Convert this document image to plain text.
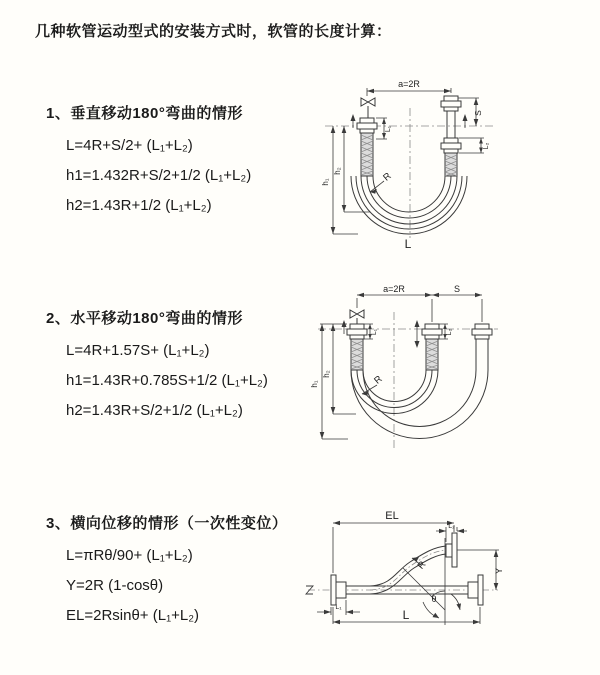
几种软管运动型式的安装方式时，软管的长度计算：
1、垂直移动180°弯曲的情形
L=4R+S/2+ (L₁+L₂)
h1=1.432R+S/2+1/2 (L₁+L₂)
h2=1.43R+1/2 (L₁+L₂)
2、水平移动180°弯曲的情形
L=4R+1.57S+ (L₁+L₂)
h1=1.43R+0.785S+1/2 (L₁+L₂)
h2=1.43R+S/2+1/2 (L₁+L₂)
3、横向位移的情形（一次性变位）
L=πRθ/90+ (L₁+L₂)
Y=2R (1-cosθ)
EL=2Rsinθ+ (L₁+L₂)
a=2R
S
L₂
L₁
h₁
h₂	R
L
a=2R	S
h₁
h₂
L₁	L₂
R
EL
L₂
Y
θ
R
L₁
L
